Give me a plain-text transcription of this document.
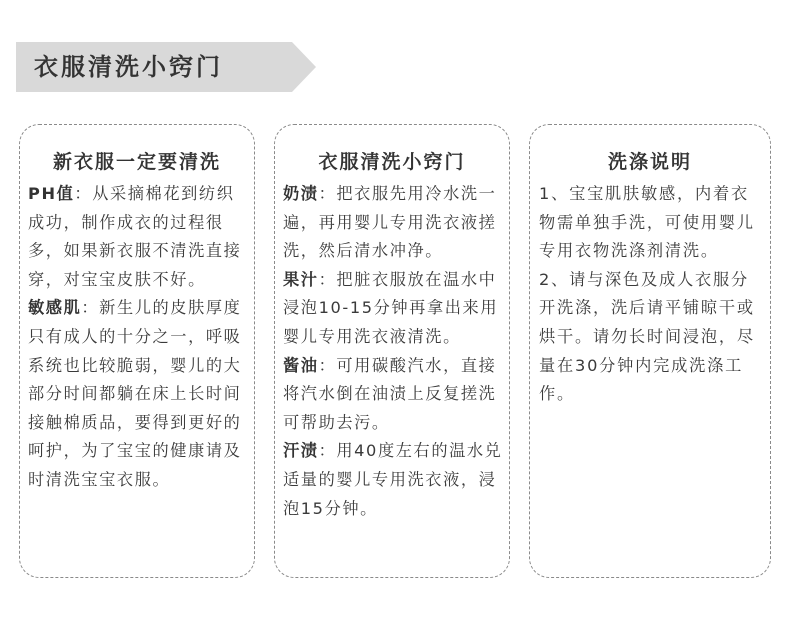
衣服清洗小窍门
新衣服一定要清洗

PH值：从采摘棉花到纺织成功，制作成衣的过程很多，如果新衣服不清洗直接穿，对宝宝皮肤不好。

敏感肌：新生儿的皮肤厚度只有成人的十分之一，呼吸系统也比较脆弱，婴儿的大部分时间都躺在床上长时间接触棉质品，要得到更好的呵护，为了宝宝的健康请及时清洗宝宝衣服。

衣服清洗小窍门

奶渍：把衣服先用冷水洗一遍，再用婴儿专用洗衣液搓洗，然后清水冲净。

果汁：把脏衣服放在温水中浸泡10-15分钟再拿出来用婴儿专用洗衣液清洗。

酱油：可用碳酸汽水，直接将汽水倒在油渍上反复搓洗可帮助去污。

汗渍：用40度左右的温水兑适量的婴儿专用洗衣液，浸泡15分钟。

洗涤说明

1、宝宝肌肤敏感，内着衣物需单独手洗，可使用婴儿专用衣物洗涤剂清洗。

2、请与深色及成人衣服分开洗涤，洗后请平铺晾干或烘干。请勿长时间浸泡，尽量在30分钟内完成洗涤工作。
